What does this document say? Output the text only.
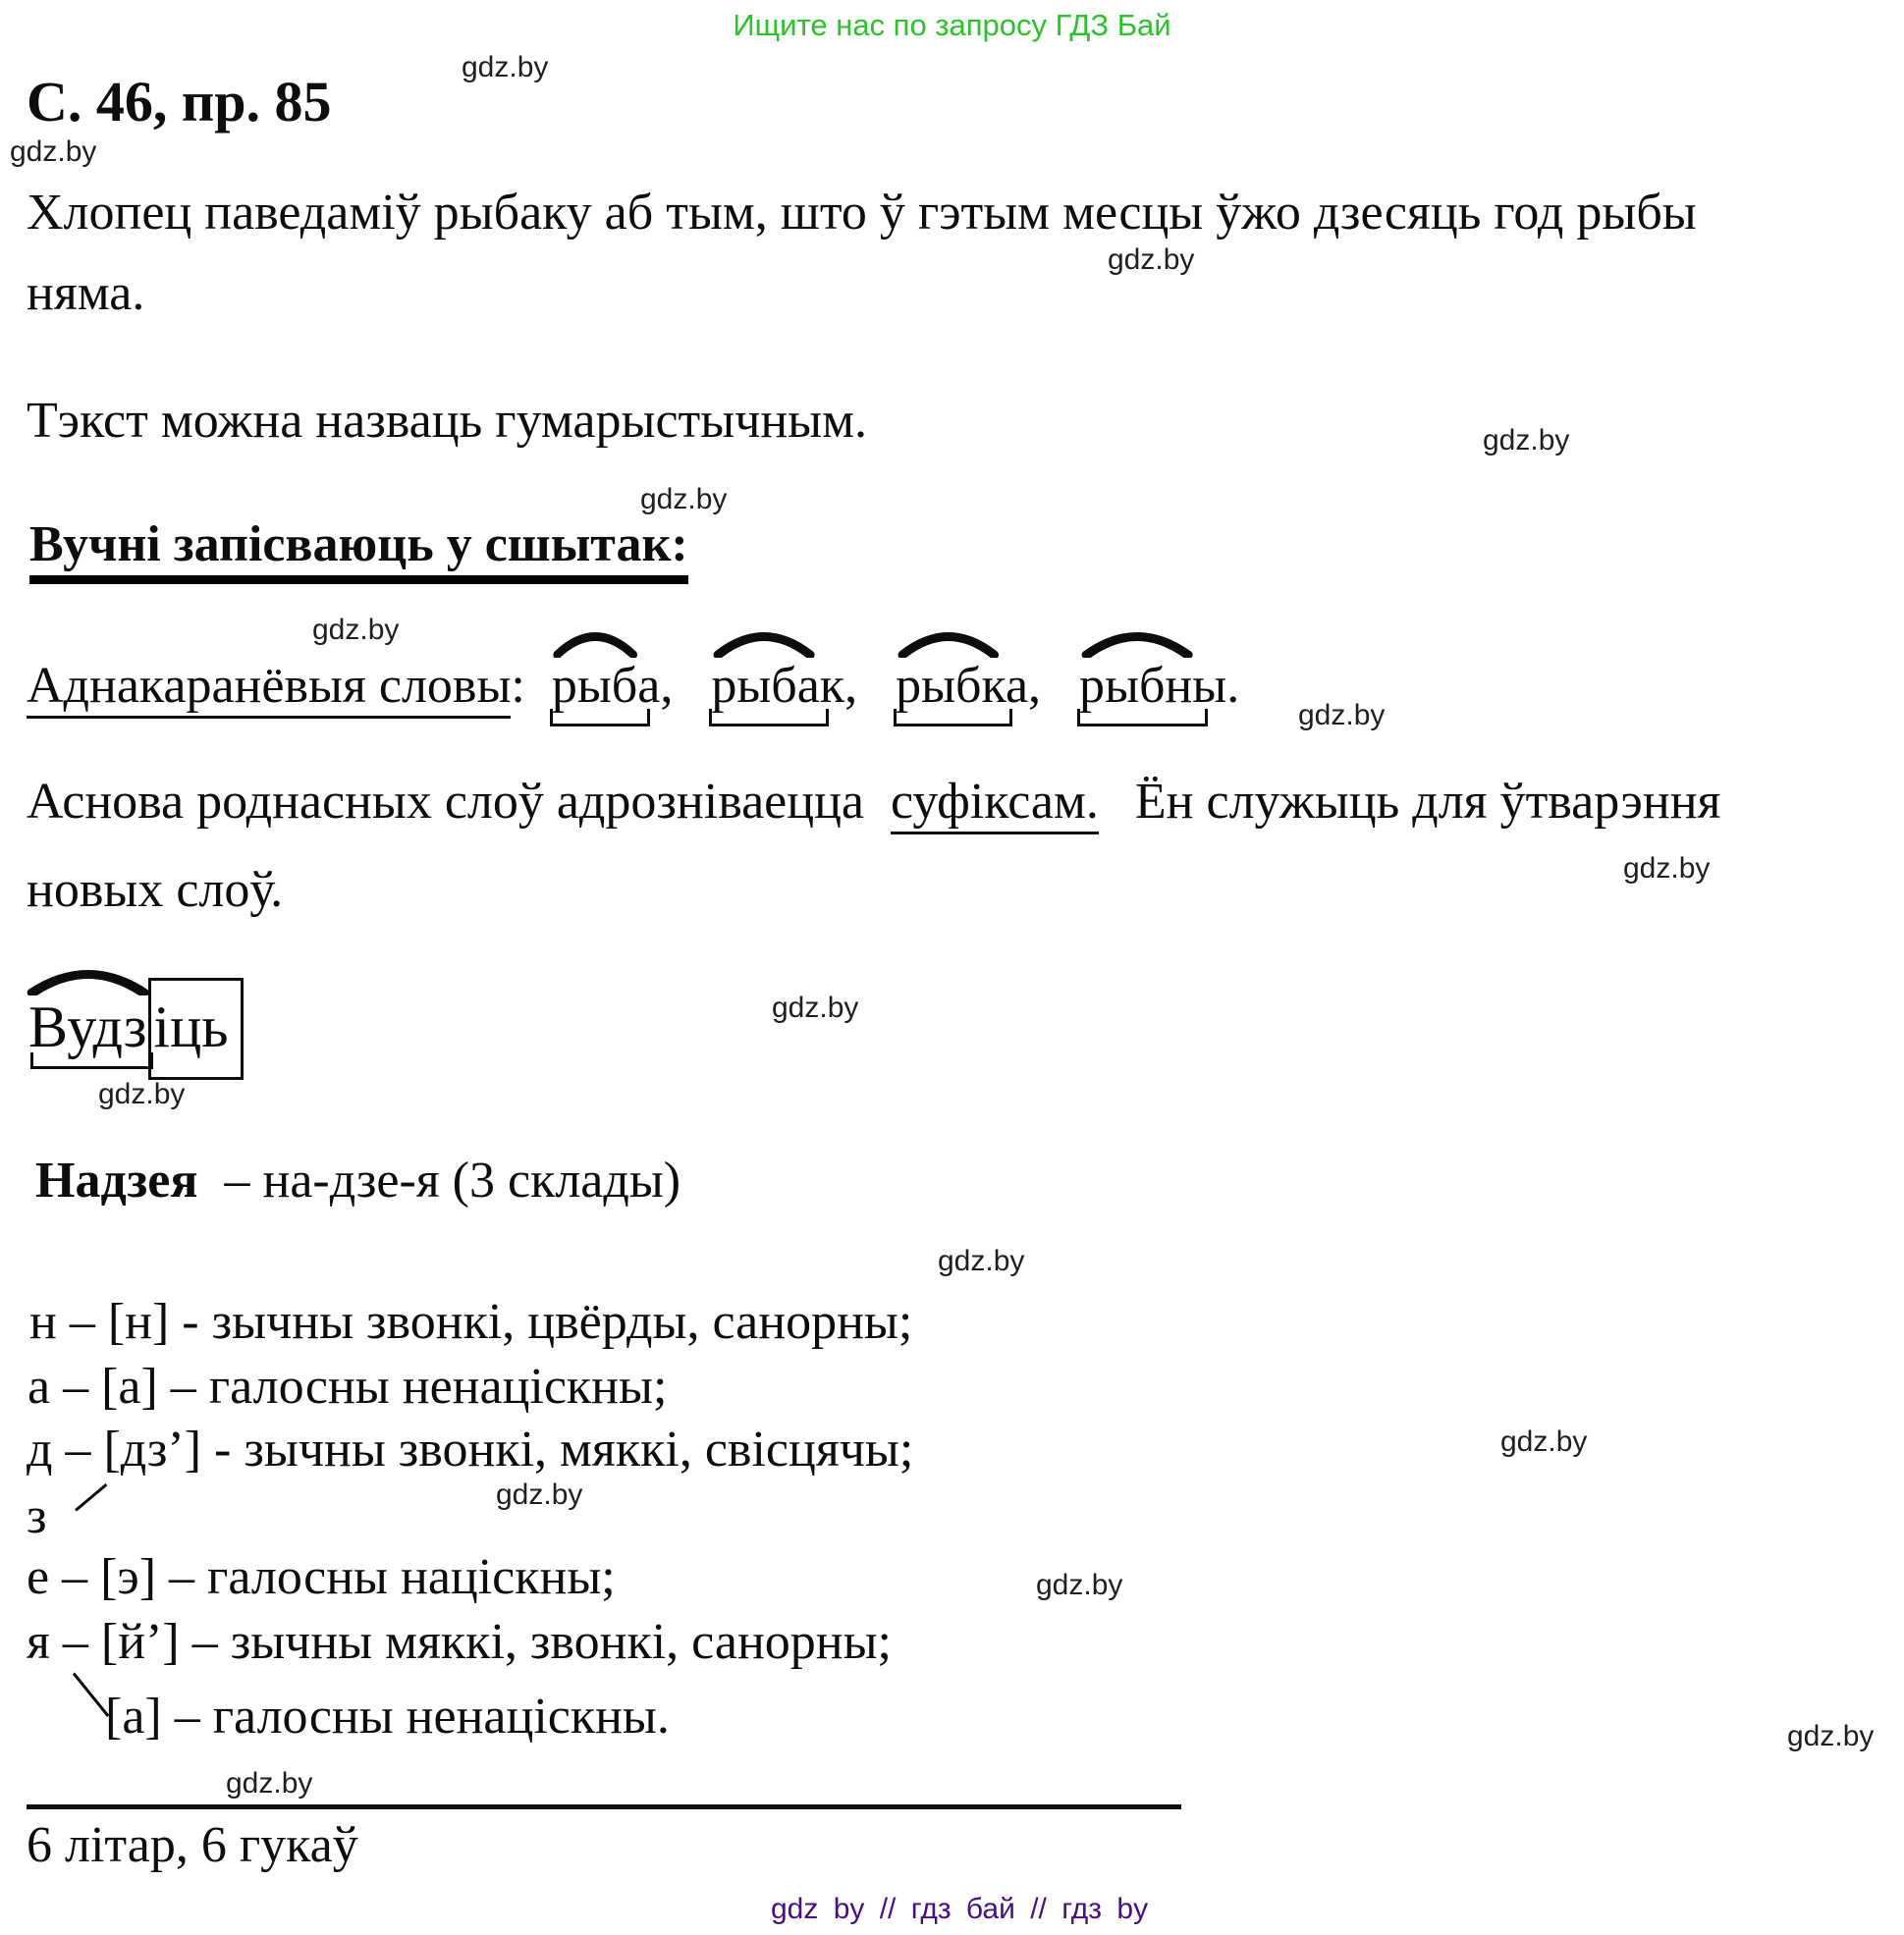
Ищите нас по запросу ГДЗ Бай
gdz.by
gdz.by
gdz.by
gdz.by
gdz.by
gdz.by
gdz.by
gdz.by
gdz.by
gdz.by
gdz.by
gdz.by
gdz.by
gdz.by
gdz.by
gdz.by
С. 46, пр. 85
Хлопец паведаміў рыбаку аб тым, што ў гэтым месцы ўжо дзесяць год рыбы
няма.
Тэкст можна назваць гумарыстычным.
Вучні запісваюць у сшытак:
Аднакаранёвыя словы: рыба,
рыбак,
рыбка,
рыбны.
Аснова роднасных слоў адрозніваецца суфіксам. Ён служыць для ўтварэння
новых слоў.
Вудз іць
Надзея – на-дзе-я (3 склады)
н – [н] - зычны звонкі, цвёрды, санорны;
а – [а] – галосны ненаціскны;
д – [дз’] - зычны звонкі, мяккі, свісцячы;
з
е – [э] – галосны націскны;
я – [й’] – зычны мяккі, звонкі, санорны;
[а] – галосны ненаціскны.
6 літар, 6 гукаў
gdz by // гдз бай // гдз by
